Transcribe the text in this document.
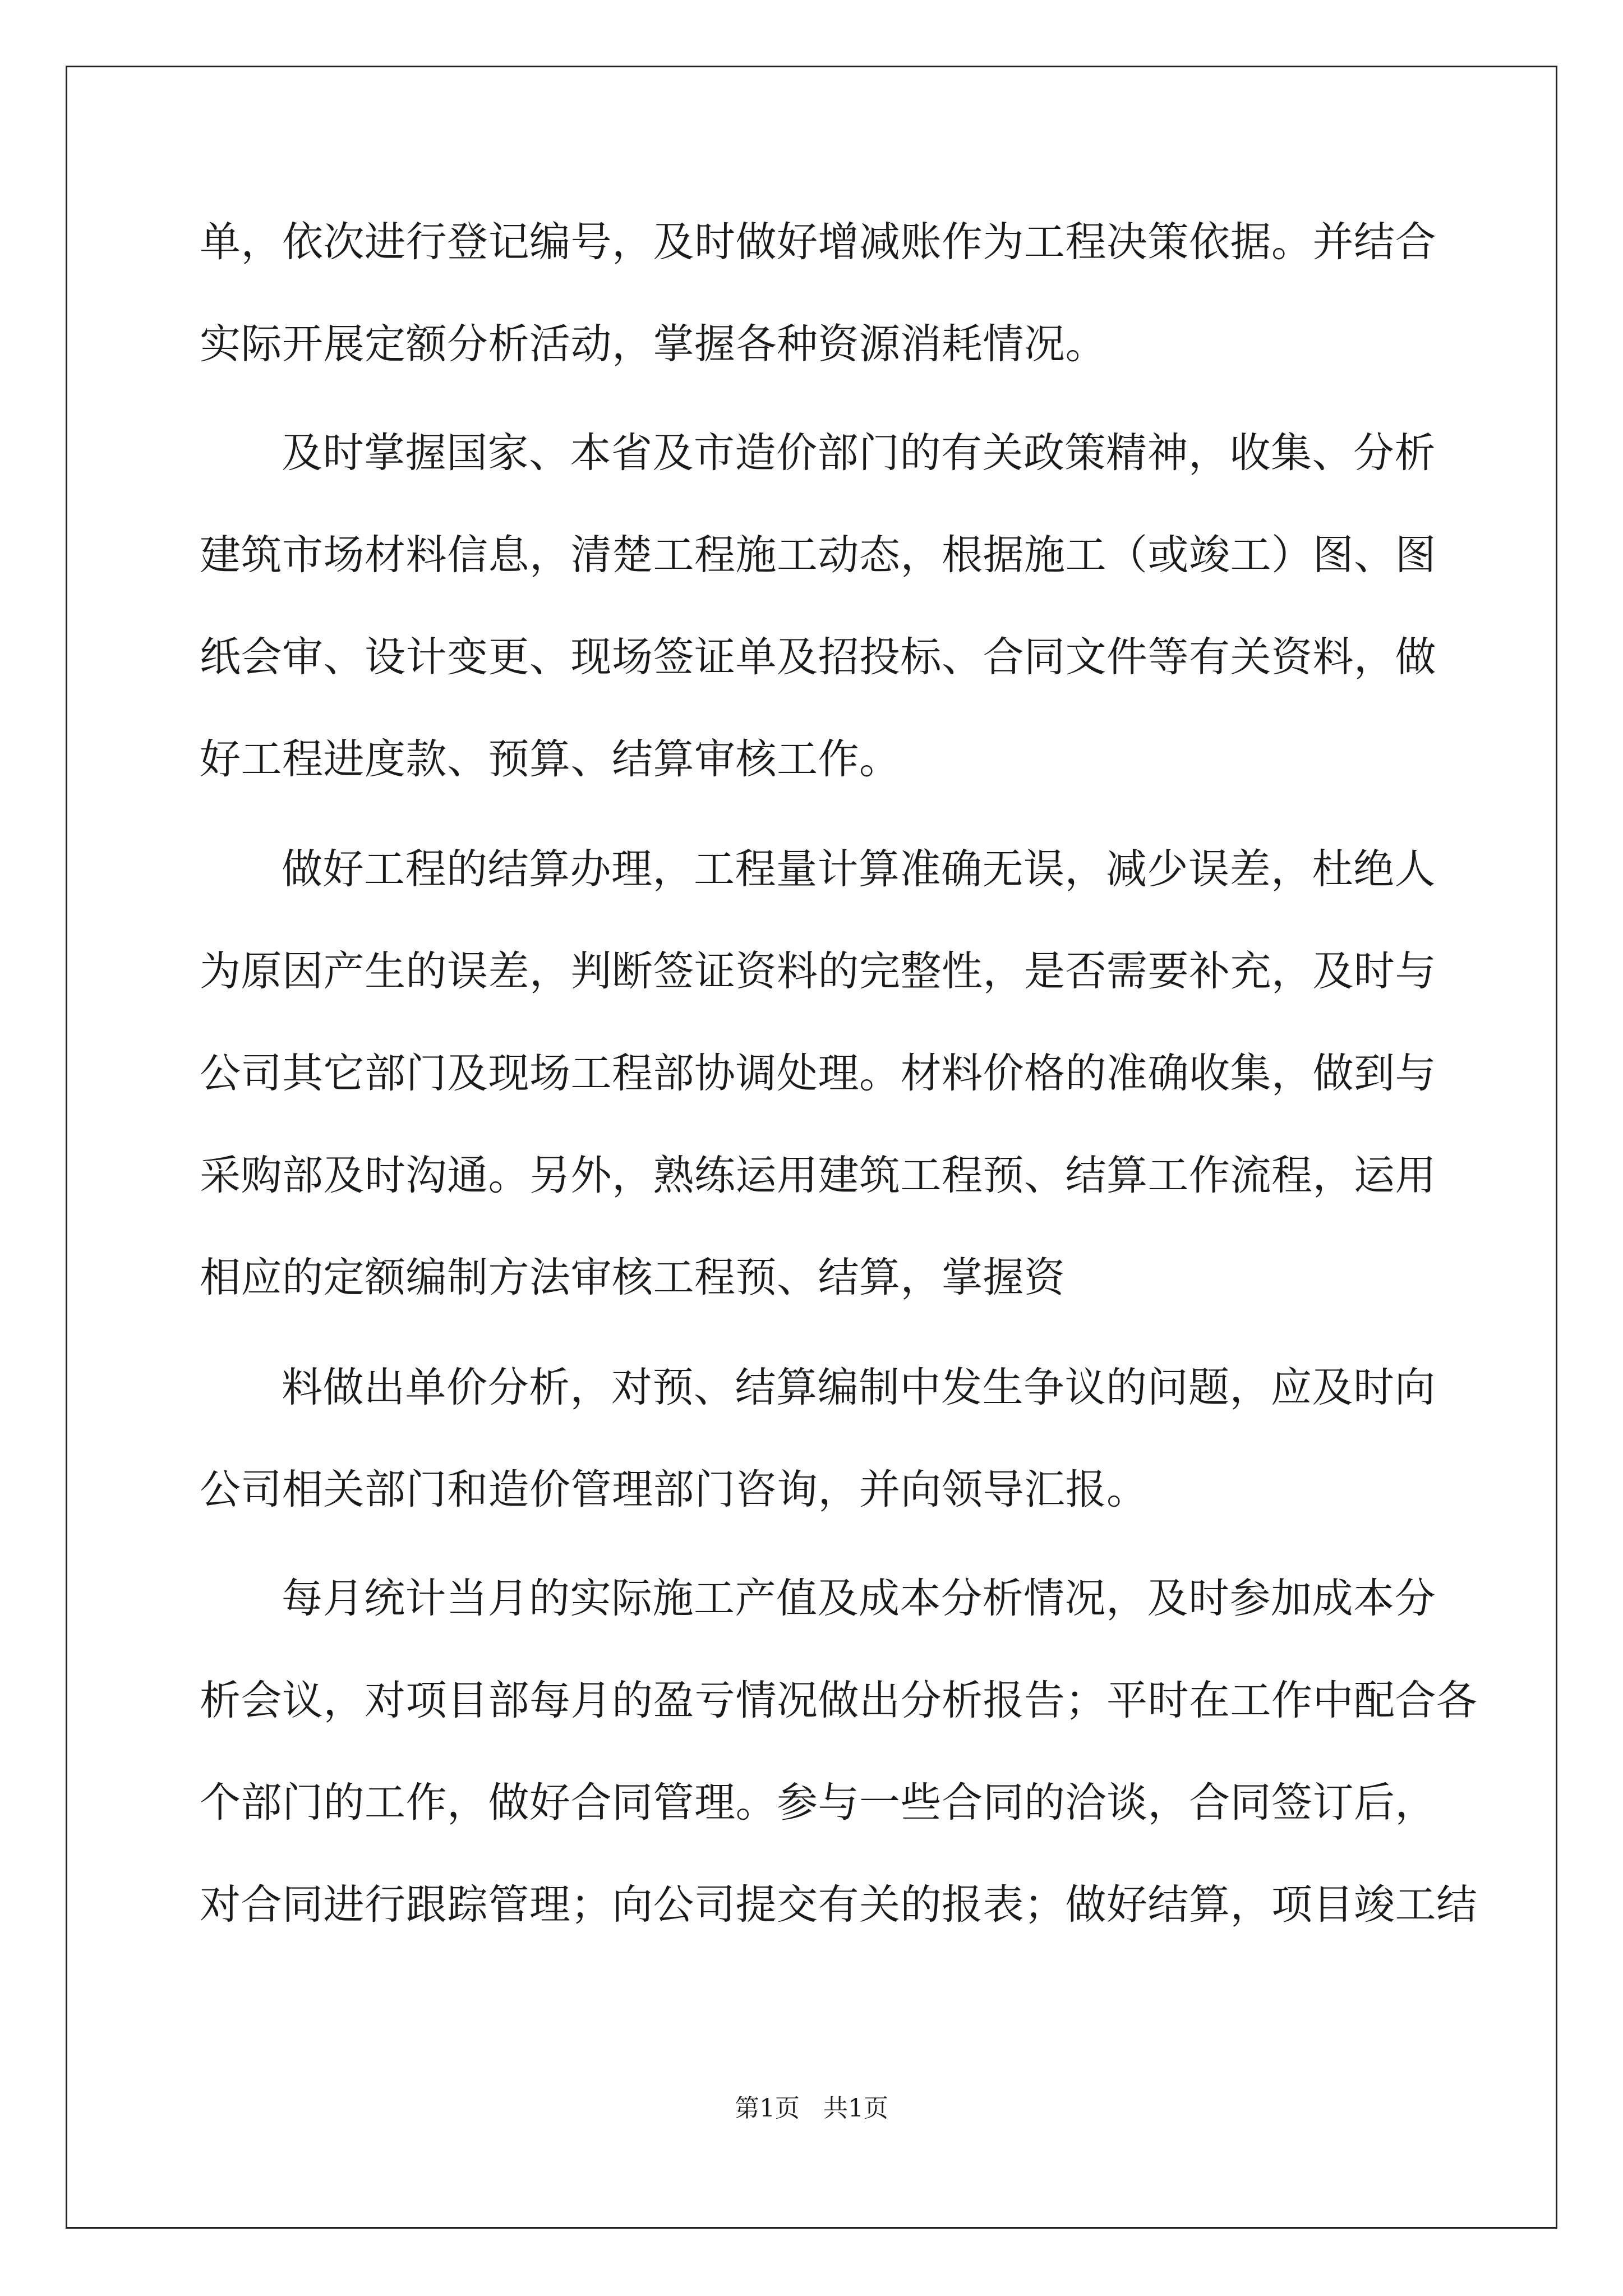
单，依次进行登记编号，及时做好增减账作为工程决策依据。并结合
实际开展定额分析活动，掌握各种资源消耗情况。
及时掌握国家、本省及市造价部门的有关政策精神，收集、分析
建筑市场材料信息，清楚工程施工动态，根据施工（或竣工）图、图
纸会审、设计变更、现场签证单及招投标、合同文件等有关资料，做
好工程进度款、预算、结算审核工作。
做好工程的结算办理，工程量计算准确无误，减少误差，杜绝人
为原因产生的误差，判断签证资料的完整性，是否需要补充，及时与
公司其它部门及现场工程部协调处理。材料价格的准确收集，做到与
采购部及时沟通。另外，熟练运用建筑工程预、结算工作流程，运用
相应的定额编制方法审核工程预、结算，掌握资
料做出单价分析，对预、结算编制中发生争议的问题，应及时向
公司相关部门和造价管理部门咨询，并向领导汇报。
每月统计当月的实际施工产值及成本分析情况，及时参加成本分
析会议，对项目部每月的盈亏情况做出分析报告；平时在工作中配合各
个部门的工作，做好合同管理。参与一些合同的洽谈，合同签订后，
对合同进行跟踪管理；向公司提交有关的报表；做好结算，项目竣工结
第1页 共1页
